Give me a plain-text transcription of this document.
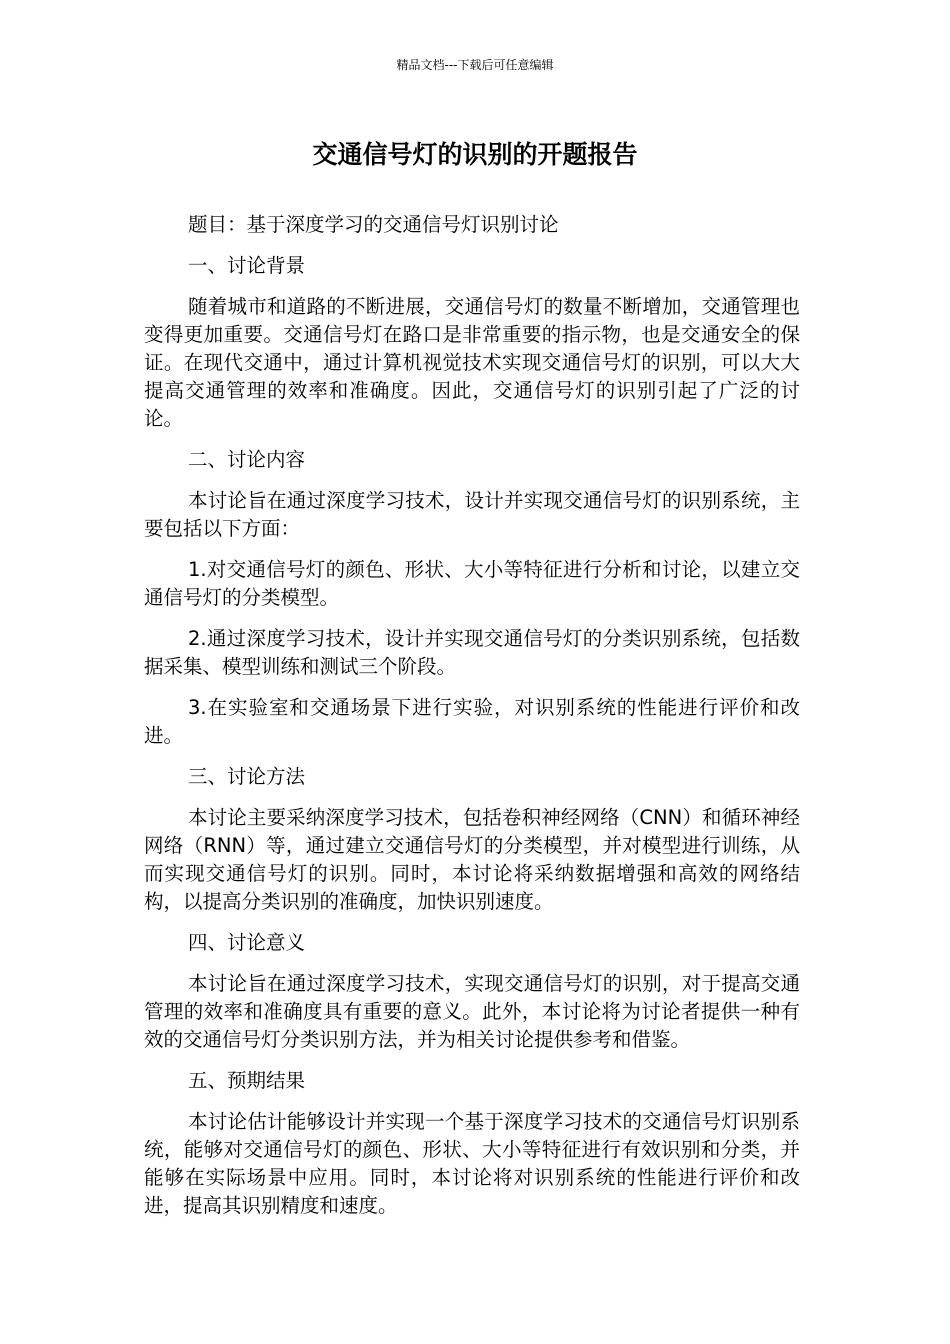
精品文档---下载后可任意编辑
交通信号灯的识别的开题报告

题目：基于深度学习的交通信号灯识别讨论

一、讨论背景

随着城市和道路的不断进展，交通信号灯的数量不断增加，交通管理也变得更加重要。交通信号灯在路口是非常重要的指示物，也是交通安全的保证。在现代交通中，通过计算机视觉技术实现交通信号灯的识别，可以大大提高交通管理的效率和准确度。因此，交通信号灯的识别引起了广泛的讨论。

二、讨论内容

本讨论旨在通过深度学习技术，设计并实现交通信号灯的识别系统，主要包括以下方面：

1.对交通信号灯的颜色、形状、大小等特征进行分析和讨论，以建立交通信号灯的分类模型。

2.通过深度学习技术，设计并实现交通信号灯的分类识别系统，包括数据采集、模型训练和测试三个阶段。

3.在实验室和交通场景下进行实验，对识别系统的性能进行评价和改进。

三、讨论方法

本讨论主要采纳深度学习技术，包括卷积神经网络（CNN）和循环神经网络（RNN）等，通过建立交通信号灯的分类模型，并对模型进行训练，从而实现交通信号灯的识别。同时，本讨论将采纳数据增强和高效的网络结构，以提高分类识别的准确度，加快识别速度。

四、讨论意义

本讨论旨在通过深度学习技术，实现交通信号灯的识别，对于提高交通管理的效率和准确度具有重要的意义。此外，本讨论将为讨论者提供一种有效的交通信号灯分类识别方法，并为相关讨论提供参考和借鉴。

五、预期结果

本讨论估计能够设计并实现一个基于深度学习技术的交通信号灯识别系统，能够对交通信号灯的颜色、形状、大小等特征进行有效识别和分类，并能够在实际场景中应用。同时，本讨论将对识别系统的性能进行评价和改进，提高其识别精度和速度。
